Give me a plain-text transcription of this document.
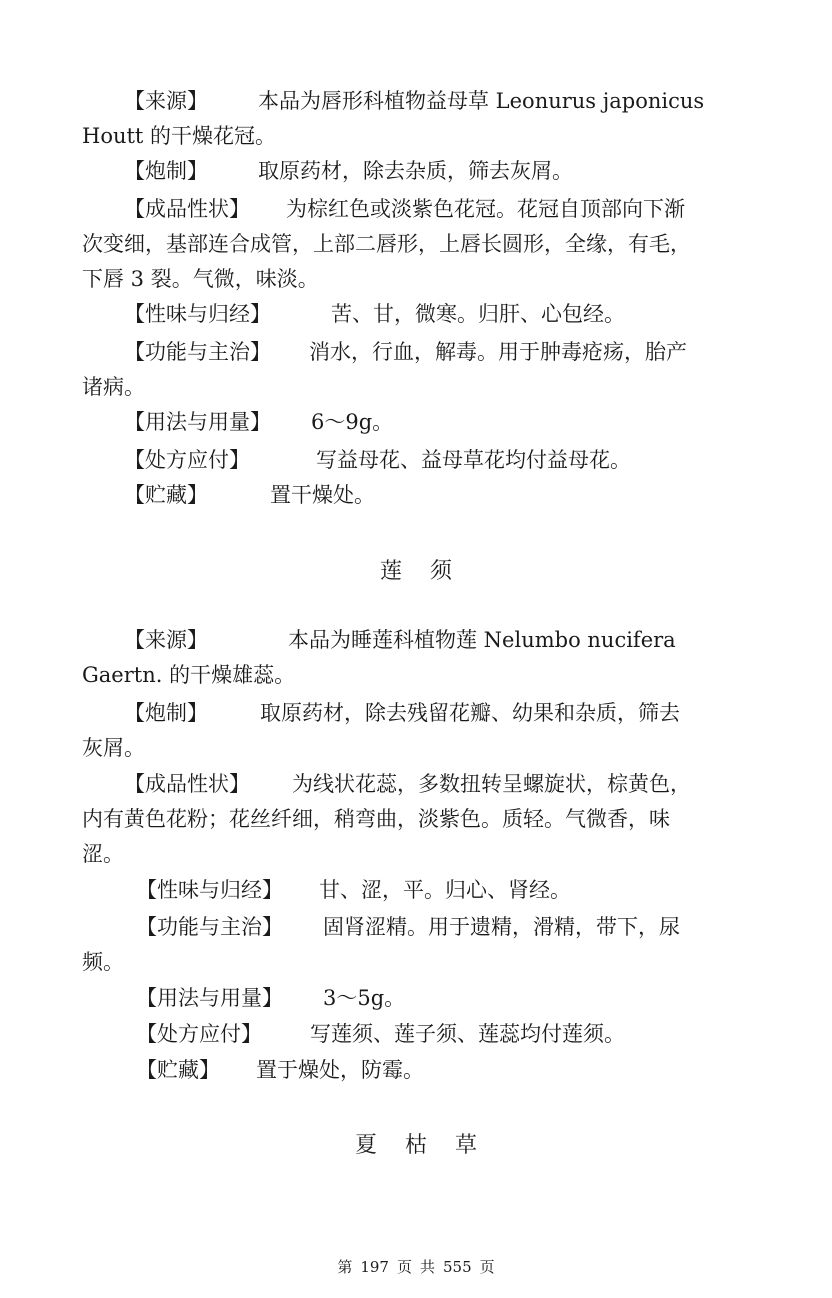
【来源】 本品为唇形科植物益母草 Leonurus japonicus
Houtt 的干燥花冠。
【炮制】 取原药材，除去杂质，筛去灰屑。
【成品性状】 为棕红色或淡紫色花冠。花冠自顶部向下渐
次变细，基部连合成管，上部二唇形，上唇长圆形，全缘，有毛，
下唇 3 裂。气微，味淡。
【性味与归经】	苦、甘，微寒。归肝、心包经。
【功能与主治】 消水，行血，解毒。用于肿毒疮疡，胎产
诸病。
【用法与用量】 6～9g。
【处方应付】	写益母花、益母草花均付益母花。
【贮藏】	置干燥处。
莲 须
【来源】	本品为睡莲科植物莲 Nelumbo nucifera
Gaertn. 的干燥雄蕊。
【炮制】 取原药材，除去残留花瓣、幼果和杂质，筛去
灰屑。
【成品性状】 为线状花蕊，多数扭转呈螺旋状，棕黄色，
内有黄色花粉；花丝纤细，稍弯曲，淡紫色。质轻。气微香，味
涩。
【性味与归经】 甘、涩，平。归心、肾经。
【功能与主治】 固肾涩精。用于遗精，滑精，带下，尿
频。
【用法与用量】 3～5g。
【处方应付】 写莲须、莲子须、莲蕊均付莲须。
【贮藏】 置于燥处，防霉。
夏 枯 草
第 197 页 共 555 页
